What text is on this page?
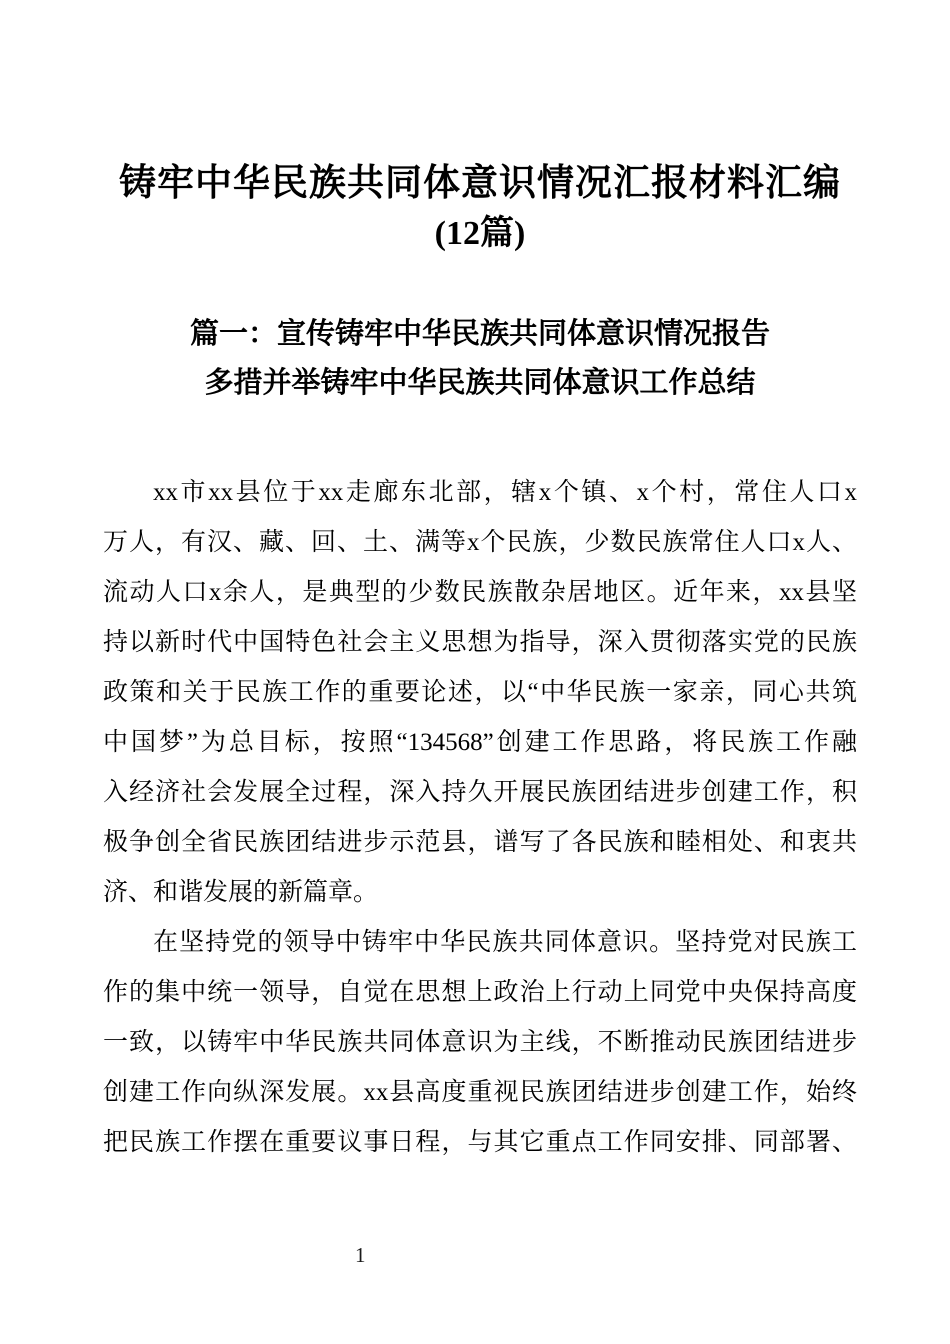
铸牢中华民族共同体意识情况汇报材料汇编
(12篇)
篇一：宣传铸牢中华民族共同体意识情况报告
多措并举铸牢中华民族共同体意识工作总结
xx市xx县位于xx走廊东北部，辖x个镇、x个村，常住人口x
万人，有汉、藏、回、土、满等x个民族，少数民族常住人口x人、
流动人口x余人，是典型的少数民族散杂居地区。近年来，xx县坚
持以新时代中国特色社会主义思想为指导，深入贯彻落实党的民族
政策和关于民族工作的重要论述，以“中华民族一家亲，同心共筑
中国梦”为总目标，按照“134568”创建工作思路，将民族工作融
入经济社会发展全过程，深入持久开展民族团结进步创建工作，积
极争创全省民族团结进步示范县，谱写了各民族和睦相处、和衷共
济、和谐发展的新篇章。
在坚持党的领导中铸牢中华民族共同体意识。坚持党对民族工
作的集中统一领导，自觉在思想上政治上行动上同党中央保持高度
一致，以铸牢中华民族共同体意识为主线，不断推动民族团结进步
创建工作向纵深发展。xx县高度重视民族团结进步创建工作，始终
把民族工作摆在重要议事日程，与其它重点工作同安排、同部署、
1
